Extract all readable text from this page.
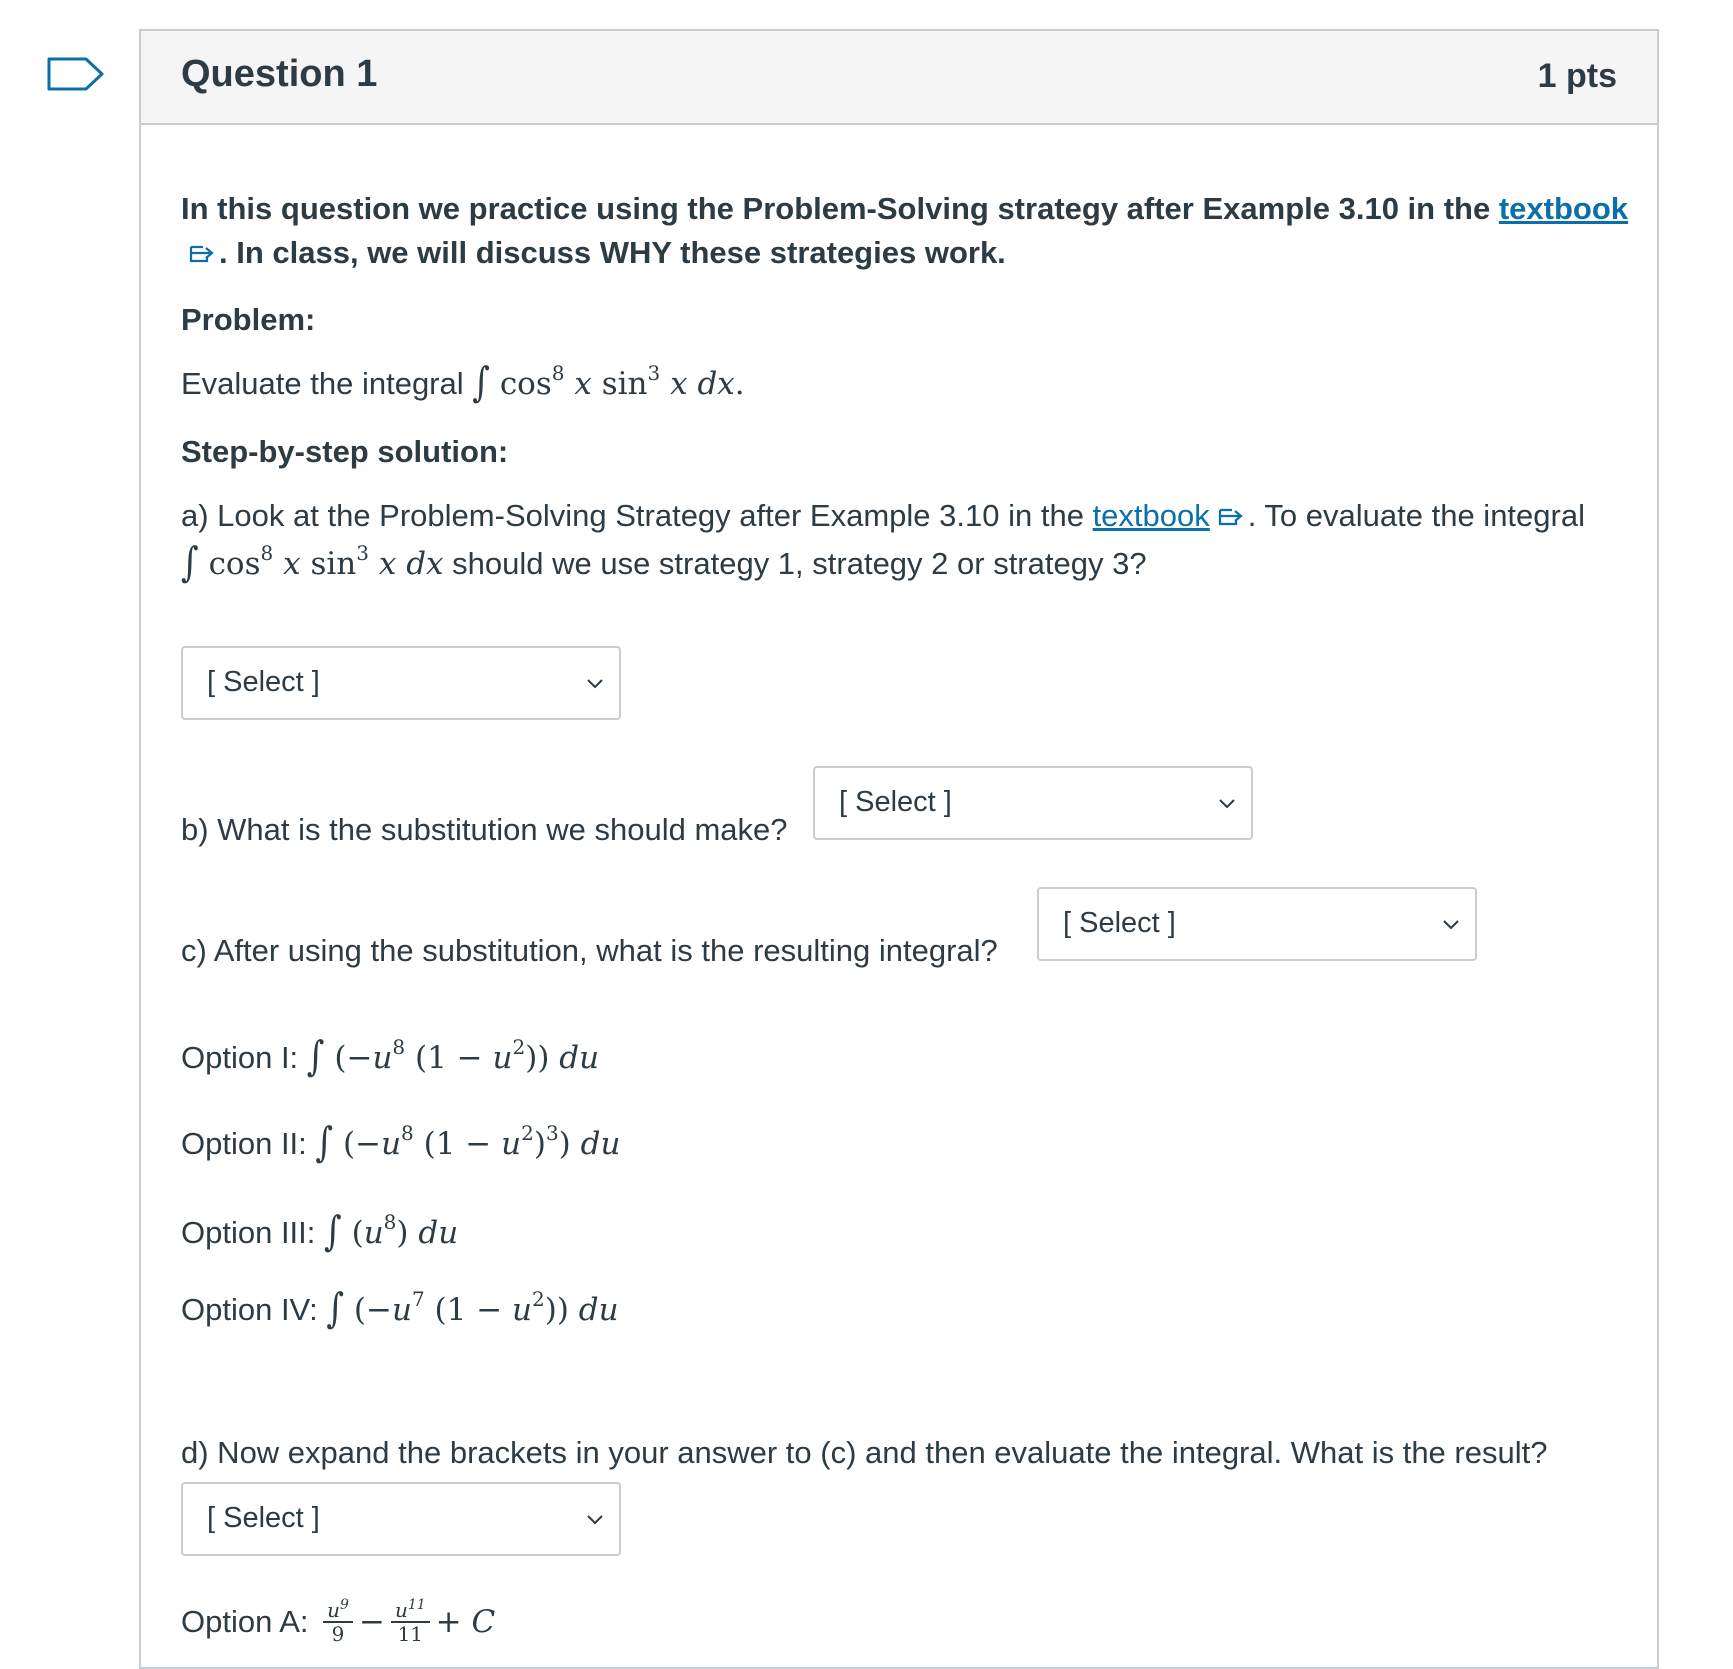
Question 1	1 pts
In this question we practice using the Problem-Solving strategy after Example 3.10 in the textbook
. In class, we will discuss WHY these strategies work.
Problem:
Evaluate the integral ∫ $\cos^8 x$ $\sin^3 x$ dx.
Step-by-step solution:
a) Look at the Problem-Solving Strategy after Example 3.10 in the textbook . To evaluate the integral
∫ $\cos^8 x$ $\sin^3 x$ dx should we use strategy 1, strategy 2 or strategy 3?
[ Select ]
b) What is the substitution we should make?
[ Select ]
c) After using the substitution, what is the resulting integral?
[ Select ]
Option I: ∫ ($-u^8$ $(1 - u^2)$) du
Option II: ∫ ($-u^8$ $(1 - u^2)^3$) du
Option III: ∫ $(u^8)$ du
Option IV: ∫ ($-u^7$ $(1 - u^2)$) du
d) Now expand the brackets in your answer to (c) and then evaluate the integral. What is the result?
[ Select ]
Option A: $\frac{u^9}{9} - \frac{u^{11}}{11} + C$
